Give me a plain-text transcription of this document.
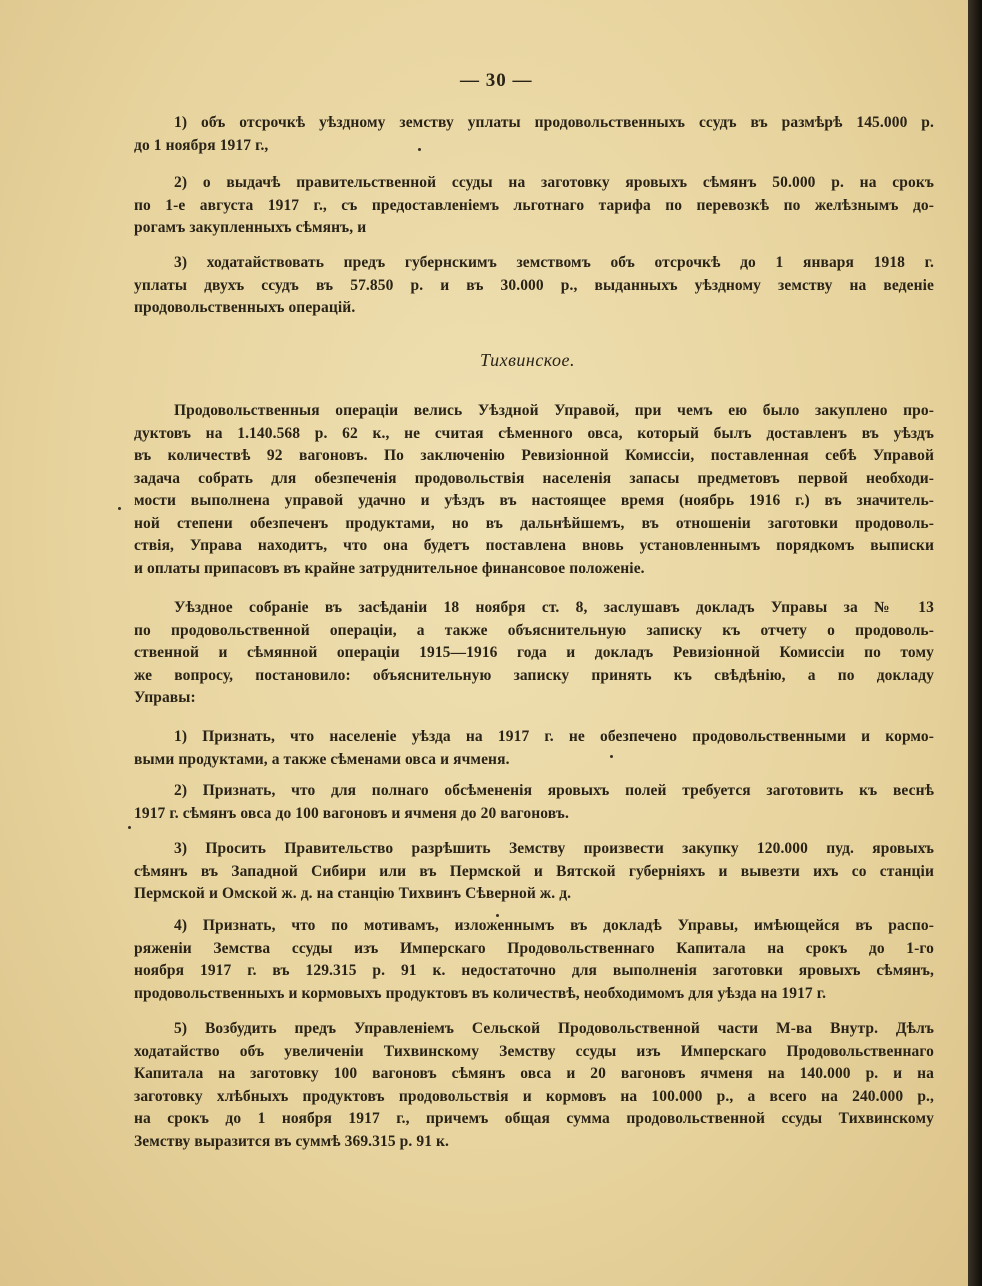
— 30 —
1) объ отсрочкѣ уѣздному земству уплаты продовольственныхъ ссудъ въ размѣрѣ 145.000 р.
до 1 ноября 1917 г.,
2) о выдачѣ правительственной ссуды на заготовку яровыхъ сѣмянъ 50.000 р. на срокъ
по 1-е августа 1917 г., съ предоставленіемъ льготнаго тарифа по перевозкѣ по желѣзнымъ до-
рогамъ закупленныхъ сѣмянъ, и
3) ходатайствовать предъ губернскимъ земствомъ объ отсрочкѣ до 1 января 1918 г.
уплаты двухъ ссудъ въ 57.850 р. и въ 30.000 р., выданныхъ уѣздному земству на веденіе
продовольственныхъ операцій.
Тихвинское.
Продовольственныя операціи велись Уѣздной Управой, при чемъ ею было закуплено про-
дуктовъ на 1.140.568 р. 62 к., не считая сѣменного овса, который былъ доставленъ въ уѣздъ
въ количествѣ 92 вагоновъ. По заключенію Ревизіонной Комиссіи, поставленная себѣ Управой
задача собрать для обезпеченія продовольствія населенія запасы предметовъ первой необходи-
мости выполнена управой удачно и уѣздъ въ настоящее время (ноябрь 1916 г.) въ значитель-
ной степени обезпеченъ продуктами, но въ дальнѣйшемъ, въ отношеніи заготовки продоволь-
ствія, Управа находитъ, что она будетъ поставлена вновь установленнымъ порядкомъ выписки
и оплаты припасовъ въ крайне затруднительное финансовое положеніе.
Уѣздное собраніе въ засѣданіи 18 ноября ст. 8, заслушавъ докладъ Управы за № 13
по продовольственной операціи, а также объяснительную записку къ отчету о продоволь-
ственной и сѣмянной операціи 1915—1916 года и докладъ Ревизіонной Комиссіи по тому
же вопросу, постановило: объяснительную записку принять къ свѣдѣнію, а по докладу
Управы:
1) Признать, что населеніе уѣзда на 1917 г. не обезпечено продовольственными и кормо-
выми продуктами, а также сѣменами овса и ячменя.
2) Признать, что для полнаго обсѣмененія яровыхъ полей требуется заготовить къ веснѣ
1917 г. сѣмянъ овса до 100 вагоновъ и ячменя до 20 вагоновъ.
3) Просить Правительство разрѣшить Земству произвести закупку 120.000 пуд. яровыхъ
сѣмянъ въ Западной Сибири или въ Пермской и Вятской губерніяхъ и вывезти ихъ со станціи
Пермской и Омской ж. д. на станцію Тихвинъ Сѣверной ж. д.
4) Признать, что по мотивамъ, изложеннымъ въ докладѣ Управы, имѣющейся въ распо-
ряженіи Земства ссуды изъ Имперскаго Продовольственнаго Капитала на срокъ до 1-го
ноября 1917 г. въ 129.315 р. 91 к. недостаточно для выполненія заготовки яровыхъ сѣмянъ,
продовольственныхъ и кормовыхъ продуктовъ въ количествѣ, необходимомъ для уѣзда на 1917 г.
5) Возбудить предъ Управленіемъ Сельской Продовольственной части М-ва Внутр. Дѣлъ
ходатайство объ увеличеніи Тихвинскому Земству ссуды изъ Имперскаго Продовольственнаго
Капитала на заготовку 100 вагоновъ сѣмянъ овса и 20 вагоновъ ячменя на 140.000 р. и на
заготовку хлѣбныхъ продуктовъ продовольствія и кормовъ на 100.000 р., а всего на 240.000 р.,
на срокъ до 1 ноября 1917 г., причемъ общая сумма продовольственной ссуды Тихвинскому
Земству выразится въ суммѣ 369.315 р. 91 к.
